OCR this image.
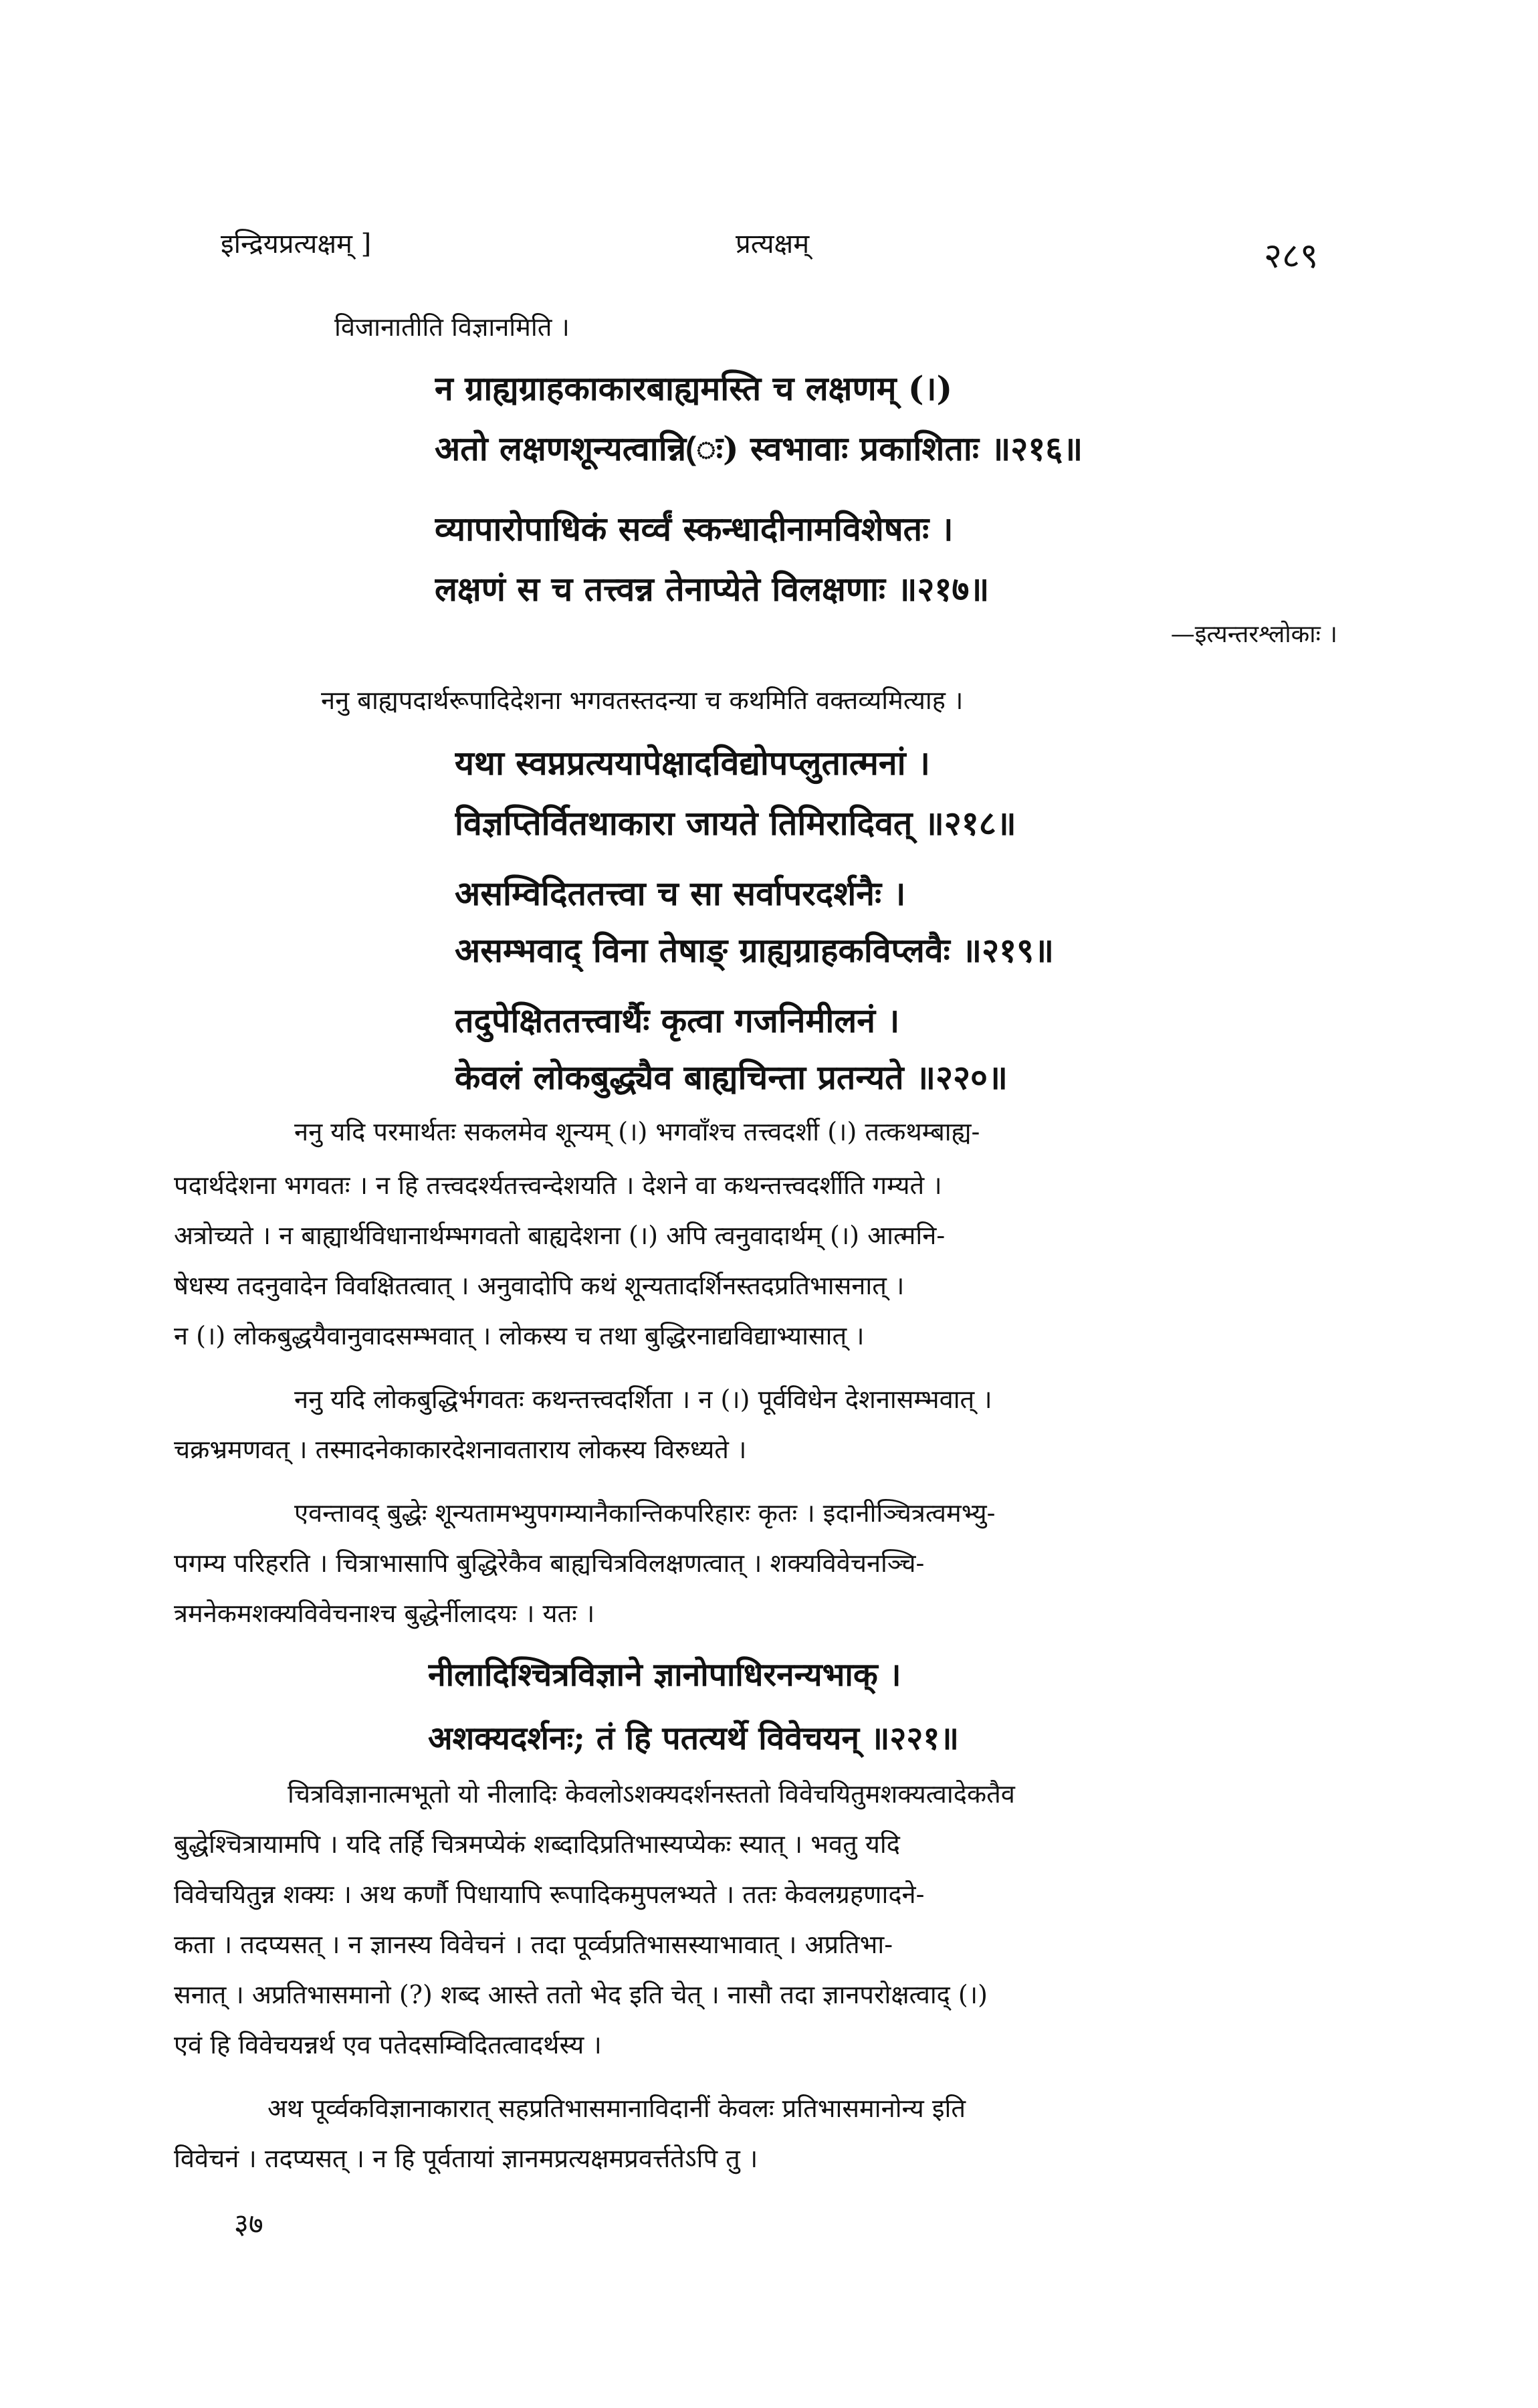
इन्द्रियप्रत्यक्षम् ]	प्रत्यक्षम्	२८९
विजानातीति विज्ञानमिति ।
न ग्राह्यग्राहकाकारबाह्यमस्ति च लक्षणम् (।)
अतो लक्षणशून्यत्वान्नि(ः) स्वभावाः प्रकाशिताः ॥२१६॥
व्यापारोपाधिकं सर्व्वं स्कन्धादीनामविशेषतः ।
लक्षणं स च तत्त्वन्न तेनाप्येते विलक्षणाः ॥२१७॥
—इत्यन्तरश्लोकाः ।
ननु बाह्यपदार्थरूपादिदेशना भगवतस्तदन्या च कथमिति वक्तव्यमित्याह ।
यथा स्वप्नप्रत्ययापेक्षादविद्योपप्लुतात्मनां ।
विज्ञप्तिर्वितथाकारा जायते तिमिरादिवत् ॥२१८॥
असम्विदिततत्त्वा च सा सर्वापरदर्शनैः ।
असम्भवाद् विना तेषाङ् ग्राह्यग्राहकविप्लवैः ॥२१९॥
तदुपेक्षिततत्त्वार्थैः कृत्वा गजनिमीलनं ।
केवलं लोकबुद्ध्यैव बाह्यचिन्ता प्रतन्यते ॥२२०॥
ननु यदि परमार्थतः सकलमेव शून्यम् (।) भगवाँश्च तत्त्वदर्शी (।) तत्कथम्बाह्य-
पदार्थदेशना भगवतः । न हि तत्त्वदर्श्यतत्त्वन्देशयति । देशने वा कथन्तत्त्वदर्शीति गम्यते ।
अत्रोच्यते । न बाह्यार्थविधानार्थम्भगवतो बाह्यदेशना (।) अपि त्वनुवादार्थम् (।) आत्मनि-
षेधस्य तदनुवादेन विवक्षितत्वात् । अनुवादोपि कथं शून्यतादर्शिनस्तदप्रतिभासनात् ।
न (।) लोकबुद्धयैवानुवादसम्भवात् । लोकस्य च तथा बुद्धिरनाद्यविद्याभ्यासात् ।
ननु यदि लोकबुद्धिर्भगवतः कथन्तत्त्वदर्शिता । न (।) पूर्वविधेन देशनासम्भवात् ।
चक्रभ्रमणवत् । तस्मादनेकाकारदेशनावताराय लोकस्य विरुध्यते ।
एवन्तावद् बुद्धेः शून्यतामभ्युपगम्यानैकान्तिकपरिहारः कृतः । इदानीञ्चित्रत्वमभ्यु-
पगम्य परिहरति । चित्राभासापि बुद्धिरेकैव बाह्यचित्रविलक्षणत्वात् । शक्यविवेचनञ्चि-
त्रमनेकमशक्यविवेचनाश्च बुद्धेर्नीलादयः । यतः ।
नीलादिश्चित्रविज्ञाने ज्ञानोपाधिरनन्यभाक् ।
अशक्यदर्शनः; तं हि पतत्यर्थे विवेचयन् ॥२२१॥
चित्रविज्ञानात्मभूतो यो नीलादिः केवलोऽशक्यदर्शनस्ततो विवेचयितुमशक्यत्वादेकतैव
बुद्धेश्चित्रायामपि । यदि तर्हि चित्रमप्येकं शब्दादिप्रतिभास्यप्येकः स्यात् । भवतु यदि
विवेचयितुन्न शक्यः । अथ कर्णौ पिधायापि रूपादिकमुपलभ्यते । ततः केवलग्रहणादने-
कता । तदप्यसत् । न ज्ञानस्य विवेचनं । तदा पूर्व्वप्रतिभासस्याभावात् । अप्रतिभा-
सनात् । अप्रतिभासमानो (?) शब्द आस्ते ततो भेद इति चेत् । नासौ तदा ज्ञानपरोक्षत्वाद् (।)
एवं हि विवेचयन्नर्थ एव पतेदसम्विदितत्वादर्थस्य ।
अथ पूर्व्वकविज्ञानाकारात् सहप्रतिभासमानाविदानीं केवलः प्रतिभासमानोन्य इति
विवेचनं । तदप्यसत् । न हि पूर्वतायां ज्ञानमप्रत्यक्षमप्रवर्त्ततेऽपि तु ।
३७
